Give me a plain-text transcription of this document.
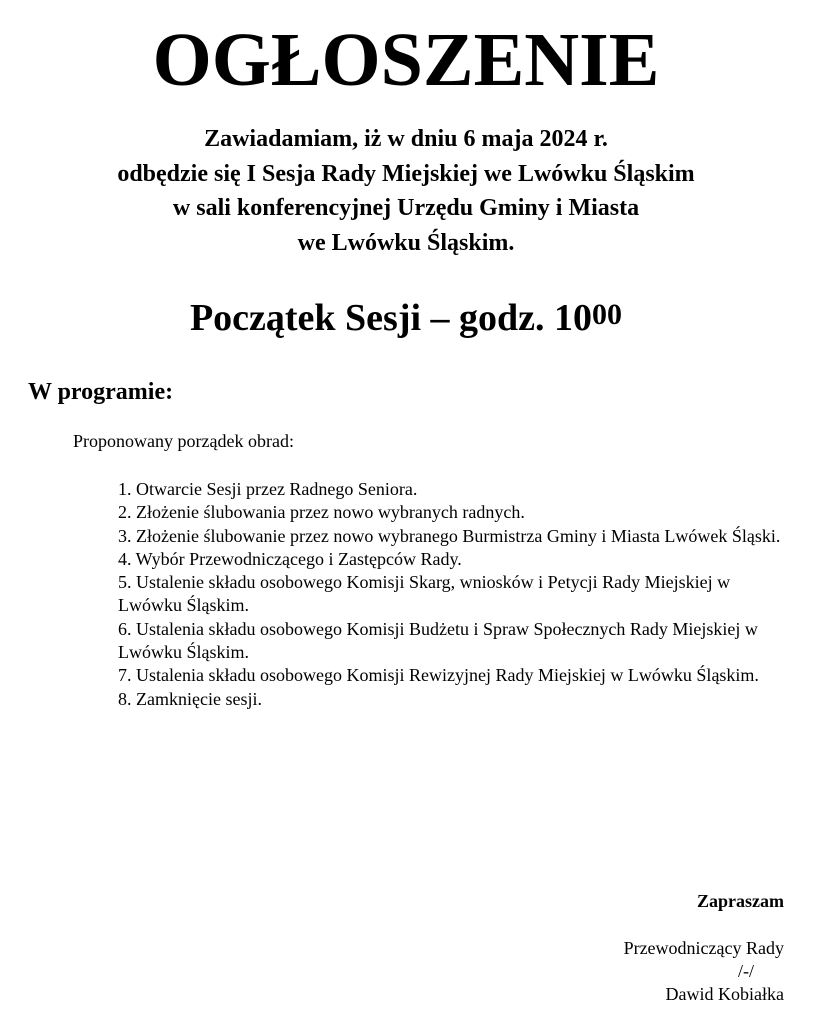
OGŁOSZENIE
Zawiadamiam, iż w dniu 6 maja 2024 r.
odbędzie się I Sesja Rady Miejskiej we Lwówku Śląskim
w sali konferencyjnej Urzędu Gminy i Miasta
we Lwówku Śląskim.
Początek Sesji – godz. $10^{00}$
W programie:
Proponowany porządek obrad:
1. Otwarcie Sesji przez Radnego Seniora.
2. Złożenie ślubowania przez nowo wybranych radnych.
3. Złożenie ślubowanie przez nowo wybranego Burmistrza Gminy i Miasta Lwówek Śląski.
4. Wybór Przewodniczącego i Zastępców Rady.
5. Ustalenie składu osobowego Komisji Skarg, wniosków i Petycji Rady Miejskiej w Lwówku Śląskim.
6. Ustalenia składu osobowego Komisji Budżetu i Spraw Społecznych Rady Miejskiej w Lwówku Śląskim.
7. Ustalenia składu osobowego Komisji Rewizyjnej Rady Miejskiej w Lwówku Śląskim.
8. Zamknięcie sesji.
Zapraszam
Przewodniczący Rady
/-/
Dawid Kobiałka
